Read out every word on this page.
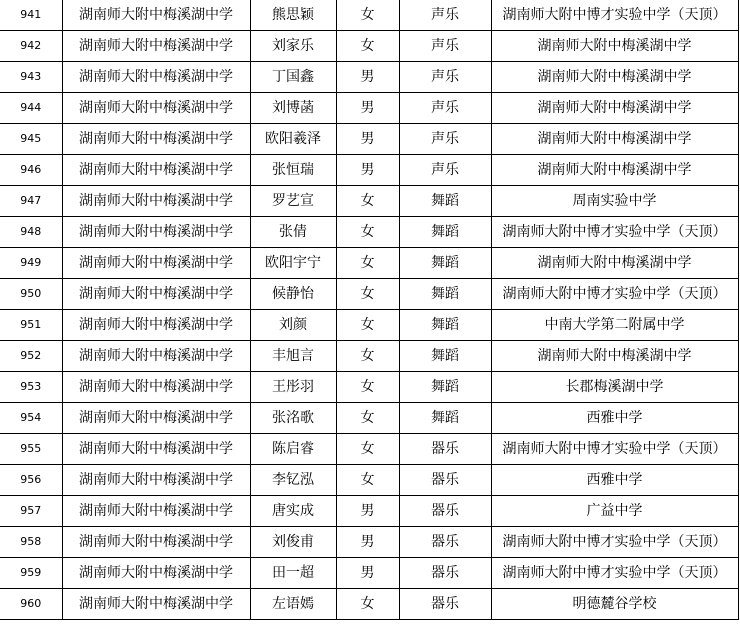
941	湖南师大附中梅溪湖中学	熊思颖	女	声乐	湖南师大附中博才实验中学（天顶）
942	湖南师大附中梅溪湖中学	刘家乐	女	声乐	湖南师大附中梅溪湖中学
943	湖南师大附中梅溪湖中学	丁国鑫	男	声乐	湖南师大附中梅溪湖中学
944	湖南师大附中梅溪湖中学	刘博菡	男	声乐	湖南师大附中梅溪湖中学
945	湖南师大附中梅溪湖中学	欧阳羲泽	男	声乐	湖南师大附中梅溪湖中学
946	湖南师大附中梅溪湖中学	张恒瑞	男	声乐	湖南师大附中梅溪湖中学
947	湖南师大附中梅溪湖中学	罗艺宣	女	舞蹈	周南实验中学
948	湖南师大附中梅溪湖中学	张倩	女	舞蹈	湖南师大附中博才实验中学（天顶）
949	湖南师大附中梅溪湖中学	欧阳宇宁	女	舞蹈	湖南师大附中梅溪湖中学
950	湖南师大附中梅溪湖中学	候静怡	女	舞蹈	湖南师大附中博才实验中学（天顶）
951	湖南师大附中梅溪湖中学	刘颜	女	舞蹈	中南大学第二附属中学
952	湖南师大附中梅溪湖中学	丰旭言	女	舞蹈	湖南师大附中梅溪湖中学
953	湖南师大附中梅溪湖中学	王彤羽	女	舞蹈	长郡梅溪湖中学
954	湖南师大附中梅溪湖中学	张洺歌	女	舞蹈	西雅中学
955	湖南师大附中梅溪湖中学	陈启睿	女	器乐	湖南师大附中博才实验中学（天顶）
956	湖南师大附中梅溪湖中学	李钇泓	女	器乐	西雅中学
957	湖南师大附中梅溪湖中学	唐实成	男	器乐	广益中学
958	湖南师大附中梅溪湖中学	刘俊甫	男	器乐	湖南师大附中博才实验中学（天顶）
959	湖南师大附中梅溪湖中学	田一超	男	器乐	湖南师大附中博才实验中学（天顶）
960	湖南师大附中梅溪湖中学	左语嫣	女	器乐	明德麓谷学校
